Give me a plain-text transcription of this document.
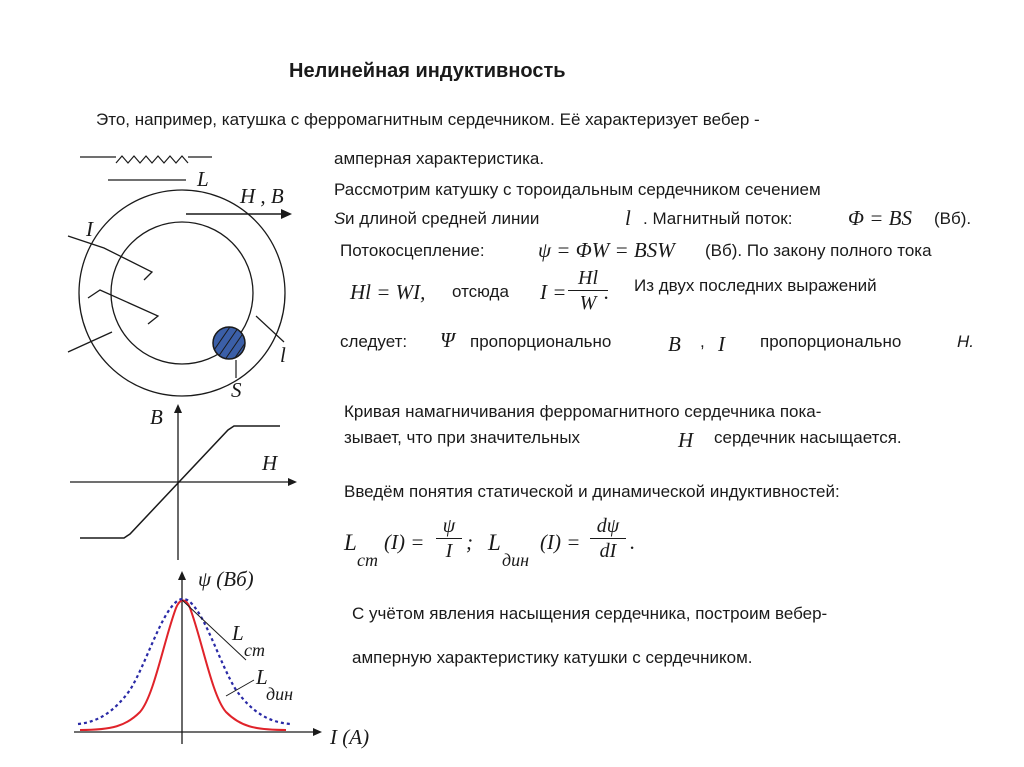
Нелинейная индуктивность
Это, например, катушка с ферромагнитным сердечником. Её характеризует вебер -
амперная характеристика.
Рассмотрим катушку с тороидальным сердечником сечением
S и длиной средней линии	l . Магнитный поток:	Φ = BS (Вб).
Потокосцепление:	ψ = ΦW = BSW (Вб). По закону полного тока
Hl = WI, отсюда $I = \frac{Hl}{W}$
. Из двух последних выражений
следует: Ψ пропорционально	B , I пропорционально	H.
Кривая намагничивания ферромагнитного сердечника пока-
зывает, что при значительных	H сердечник насыщается.
Введём понятия статической и динамической индуктивностей:
L
ст
$(I) = \frac{\psi}{I}$ ; L
дин
$(I) = \frac{d\psi}{dI}$ .
С учётом явления насыщения сердечника, построим вебер-
амперную характеристику катушки с сердечником.
L
H , B
I
l
S
B
H
ψ (Вб)
L
ст
L
дин
I (A)
